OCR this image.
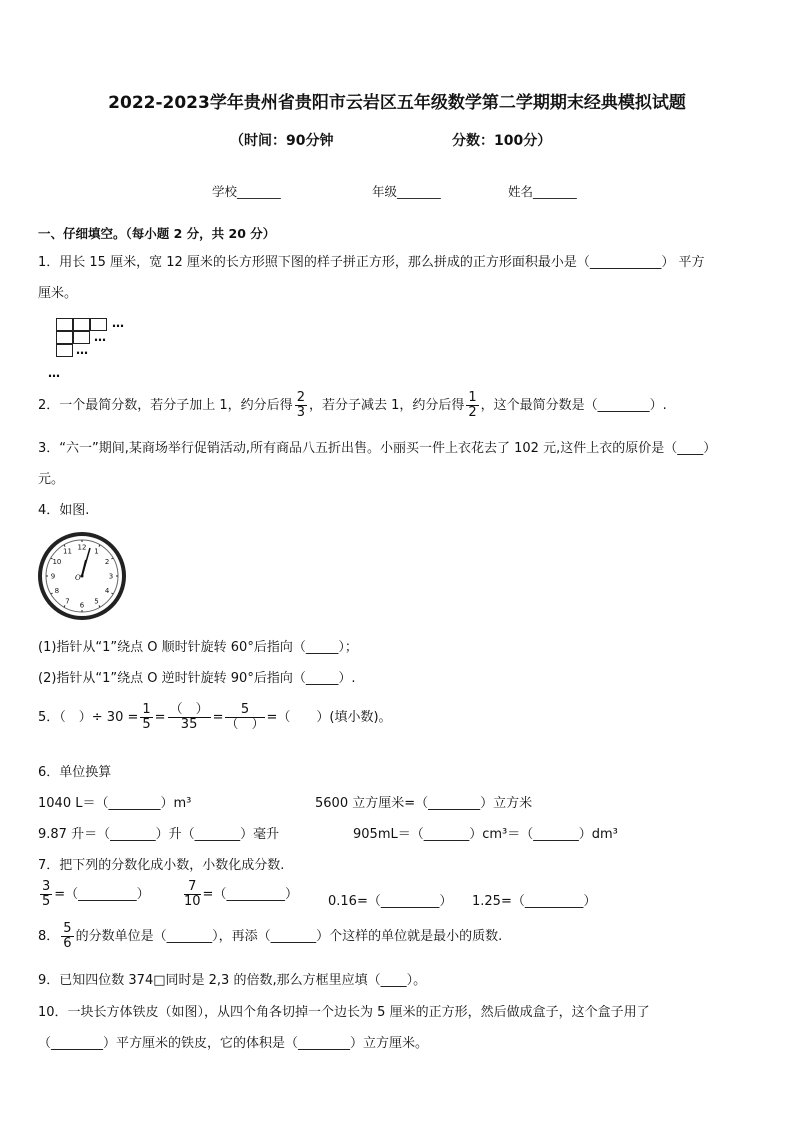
2022-2023学年贵州省贵阳市云岩区五年级数学第二学期期末经典模拟试题
（时间：90分钟	分数：100分）
学校_______	年级_______	姓名_______
一、仔细填空。（每小题 2 分，共 20 分）
1．用长 15 厘米，宽 12 厘米的长方形照下图的样子拼正方形，那么拼成的正方形面积最小是（___________） 平方
厘米。
…
…
…
…
2．一个最简分数，若分子加上 1，约分后得 $\frac{2}{3}$ ，若分子减去 1，约分后得 $\frac{1}{2}$ ，这个最简分数是（________）.
3．“六一”期间,某商场举行促销活动,所有商品八五折出售。小丽买一件上衣花去了 102 元,这件上衣的原价是（____）
元。
4．如图.
12 1
2
3
4
5
6
7
8
9
10
11
O
(1)指针从“1”绕点 O 顺时针旋转 60°后指向（_____）；
(2)指针从“1”绕点 O 逆时针旋转 90°后指向（_____）.
5．（　）÷ $30 = \frac{1}{5} = \frac{( )}{35} = \frac{5}{( )}$ =（　　）(填小数)。
6．单位换算
1040 L＝（________）m³	5600 立方厘米=（________）立方米
9.87 升＝（_______）升（_______）毫升	905mL＝（_______）cm³＝（_______）dm³
7．把下列的分数化成小数，小数化成分数.
$\frac{3}{5}$ =（_________）	$\frac{7}{10}$ =（_________） 0.16=（_________） 1.25=（_________）
8． $\frac{5}{6}$ 的分数单位是（_______），再添（_______）个这样的单位就是最小的质数.
9．已知四位数 374□同时是 2,3 的倍数,那么方框里应填（____）。
10．一块长方体铁皮（如图），从四个角各切掉一个边长为 5 厘米的正方形，然后做成盒子，这个盒子用了
（________）平方厘米的铁皮，它的体积是（________）立方厘米。
